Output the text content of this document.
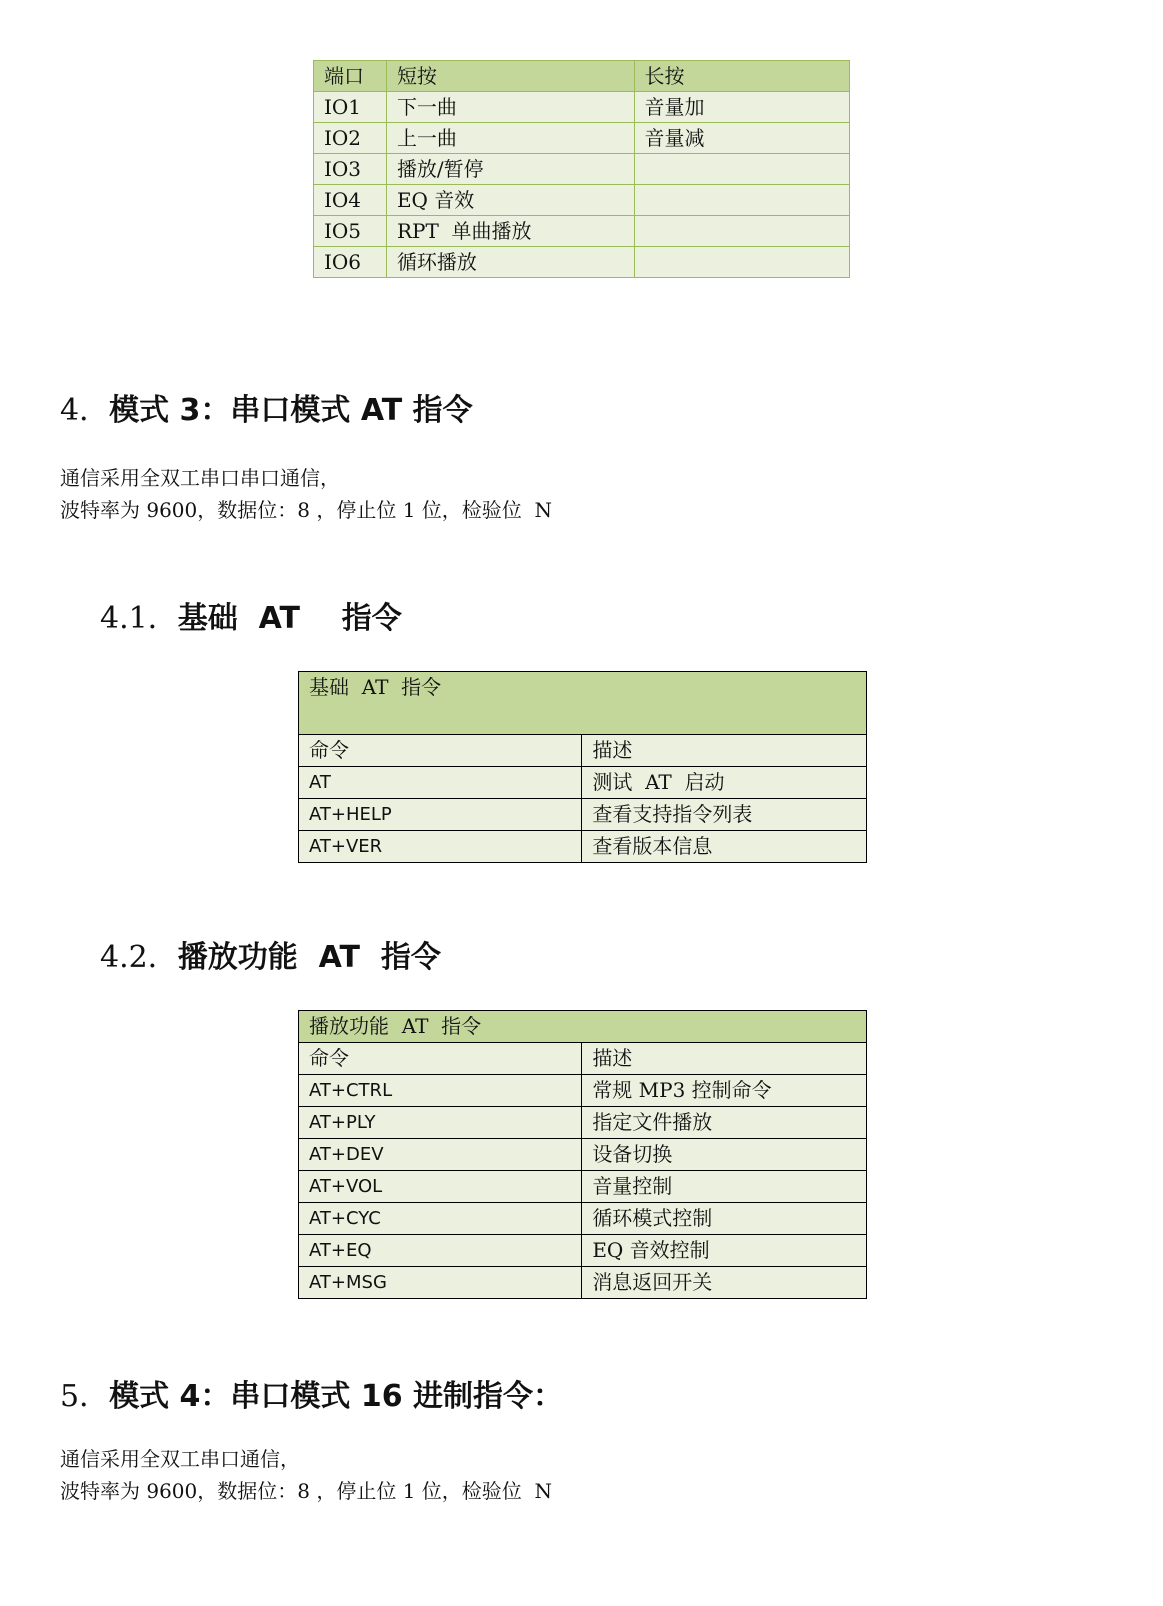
端口	短按	长按
IO1	下一曲	音量加
IO2	上一曲	音量减
IO3	播放/暂停	
IO4	EQ 音效	
IO5	RPT  单曲播放	
IO6	循环播放	
4．模式 3：串口模式 AT 指令
通信采用全双工串口串口通信，
波特率为 9600，数据位：8 ，停止位 1 位，检验位  N
4.1．基础  AT    指令
基础  AT  指令	
命令	描述
AT	测试  AT  启动
AT+HELP	查看支持指令列表
AT+VER	查看版本信息
4.2．播放功能  AT  指令
播放功能  AT  指令	
命令	描述
AT+CTRL	常规 MP3 控制命令
AT+PLY	指定文件播放
AT+DEV	设备切换
AT+VOL	音量控制
AT+CYC	循环模式控制
AT+EQ	EQ 音效控制
AT+MSG	消息返回开关
5．模式 4：串口模式 16 进制指令：
通信采用全双工串口通信，
波特率为 9600，数据位：8 ，停止位 1 位，检验位  N
